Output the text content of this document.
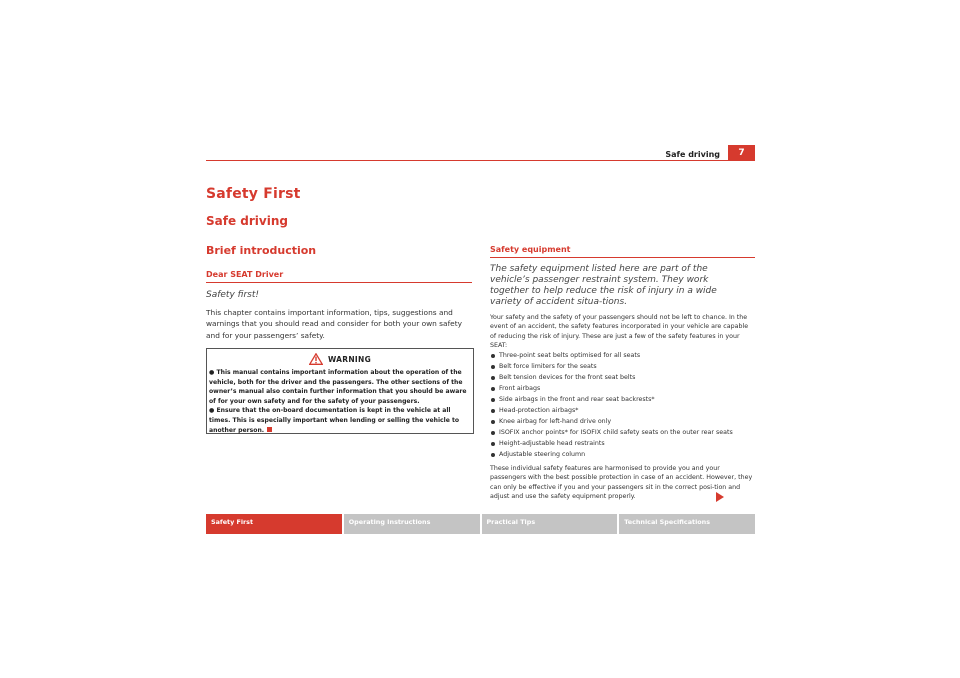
Safe driving	7
Safety First
Safe driving
Brief introduction
Dear SEAT Driver
Safety first!
This chapter contains important information, tips, suggestions and warnings that you should read and consider for both your own safety and for your passengers’ safety.
WARNING
● This manual contains important information about the operation of the vehicle, both for the driver and the passengers. The other sections of the owner’s manual also contain further information that you should be aware of for your own safety and for the safety of your passengers.
● Ensure that the on-board documentation is kept in the vehicle at all times. This is especially important when lending or selling the vehicle to another person.
Safety equipment
The safety equipment listed here are part of the vehicle’s passenger restraint system. They work together to help reduce the risk of injury in a wide variety of accident situa-tions.
Your safety and the safety of your passengers should not be left to chance. In the event of an accident, the safety features incorporated in your vehicle are capable of reducing the risk of injury. These are just a few of the safety features in your SEAT:
Three-point seat belts optimised for all seats
Belt force limiters for the seats
Belt tension devices for the front seat belts
Front airbags
Side airbags in the front and rear seat backrests*
Head-protection airbags*
Knee airbag for left-hand drive only
ISOFIX anchor points* for ISOFIX child safety seats on the outer rear seats
Height-adjustable head restraints
Adjustable steering column
These individual safety features are harmonised to provide you and your passengers with the best possible protection in case of an accident. However, they can only be effective if you and your passengers sit in the correct posi-tion and adjust and use the safety equipment properly.
Safety First	Operating Instructions	Practical Tips	Technical Specifications
